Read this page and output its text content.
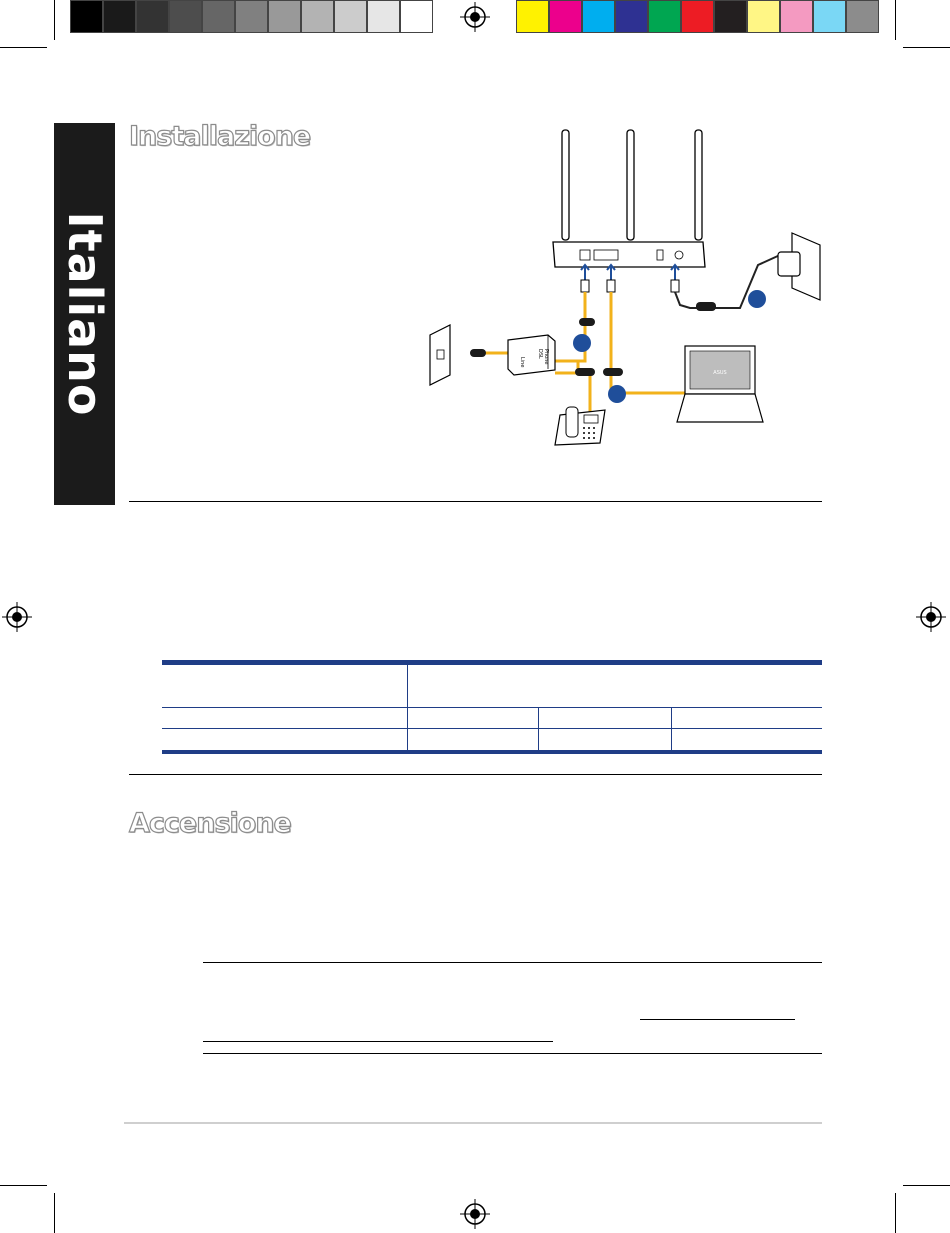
Italiano
Installazione
Line
DSL Phone
ASUS
Accensione
